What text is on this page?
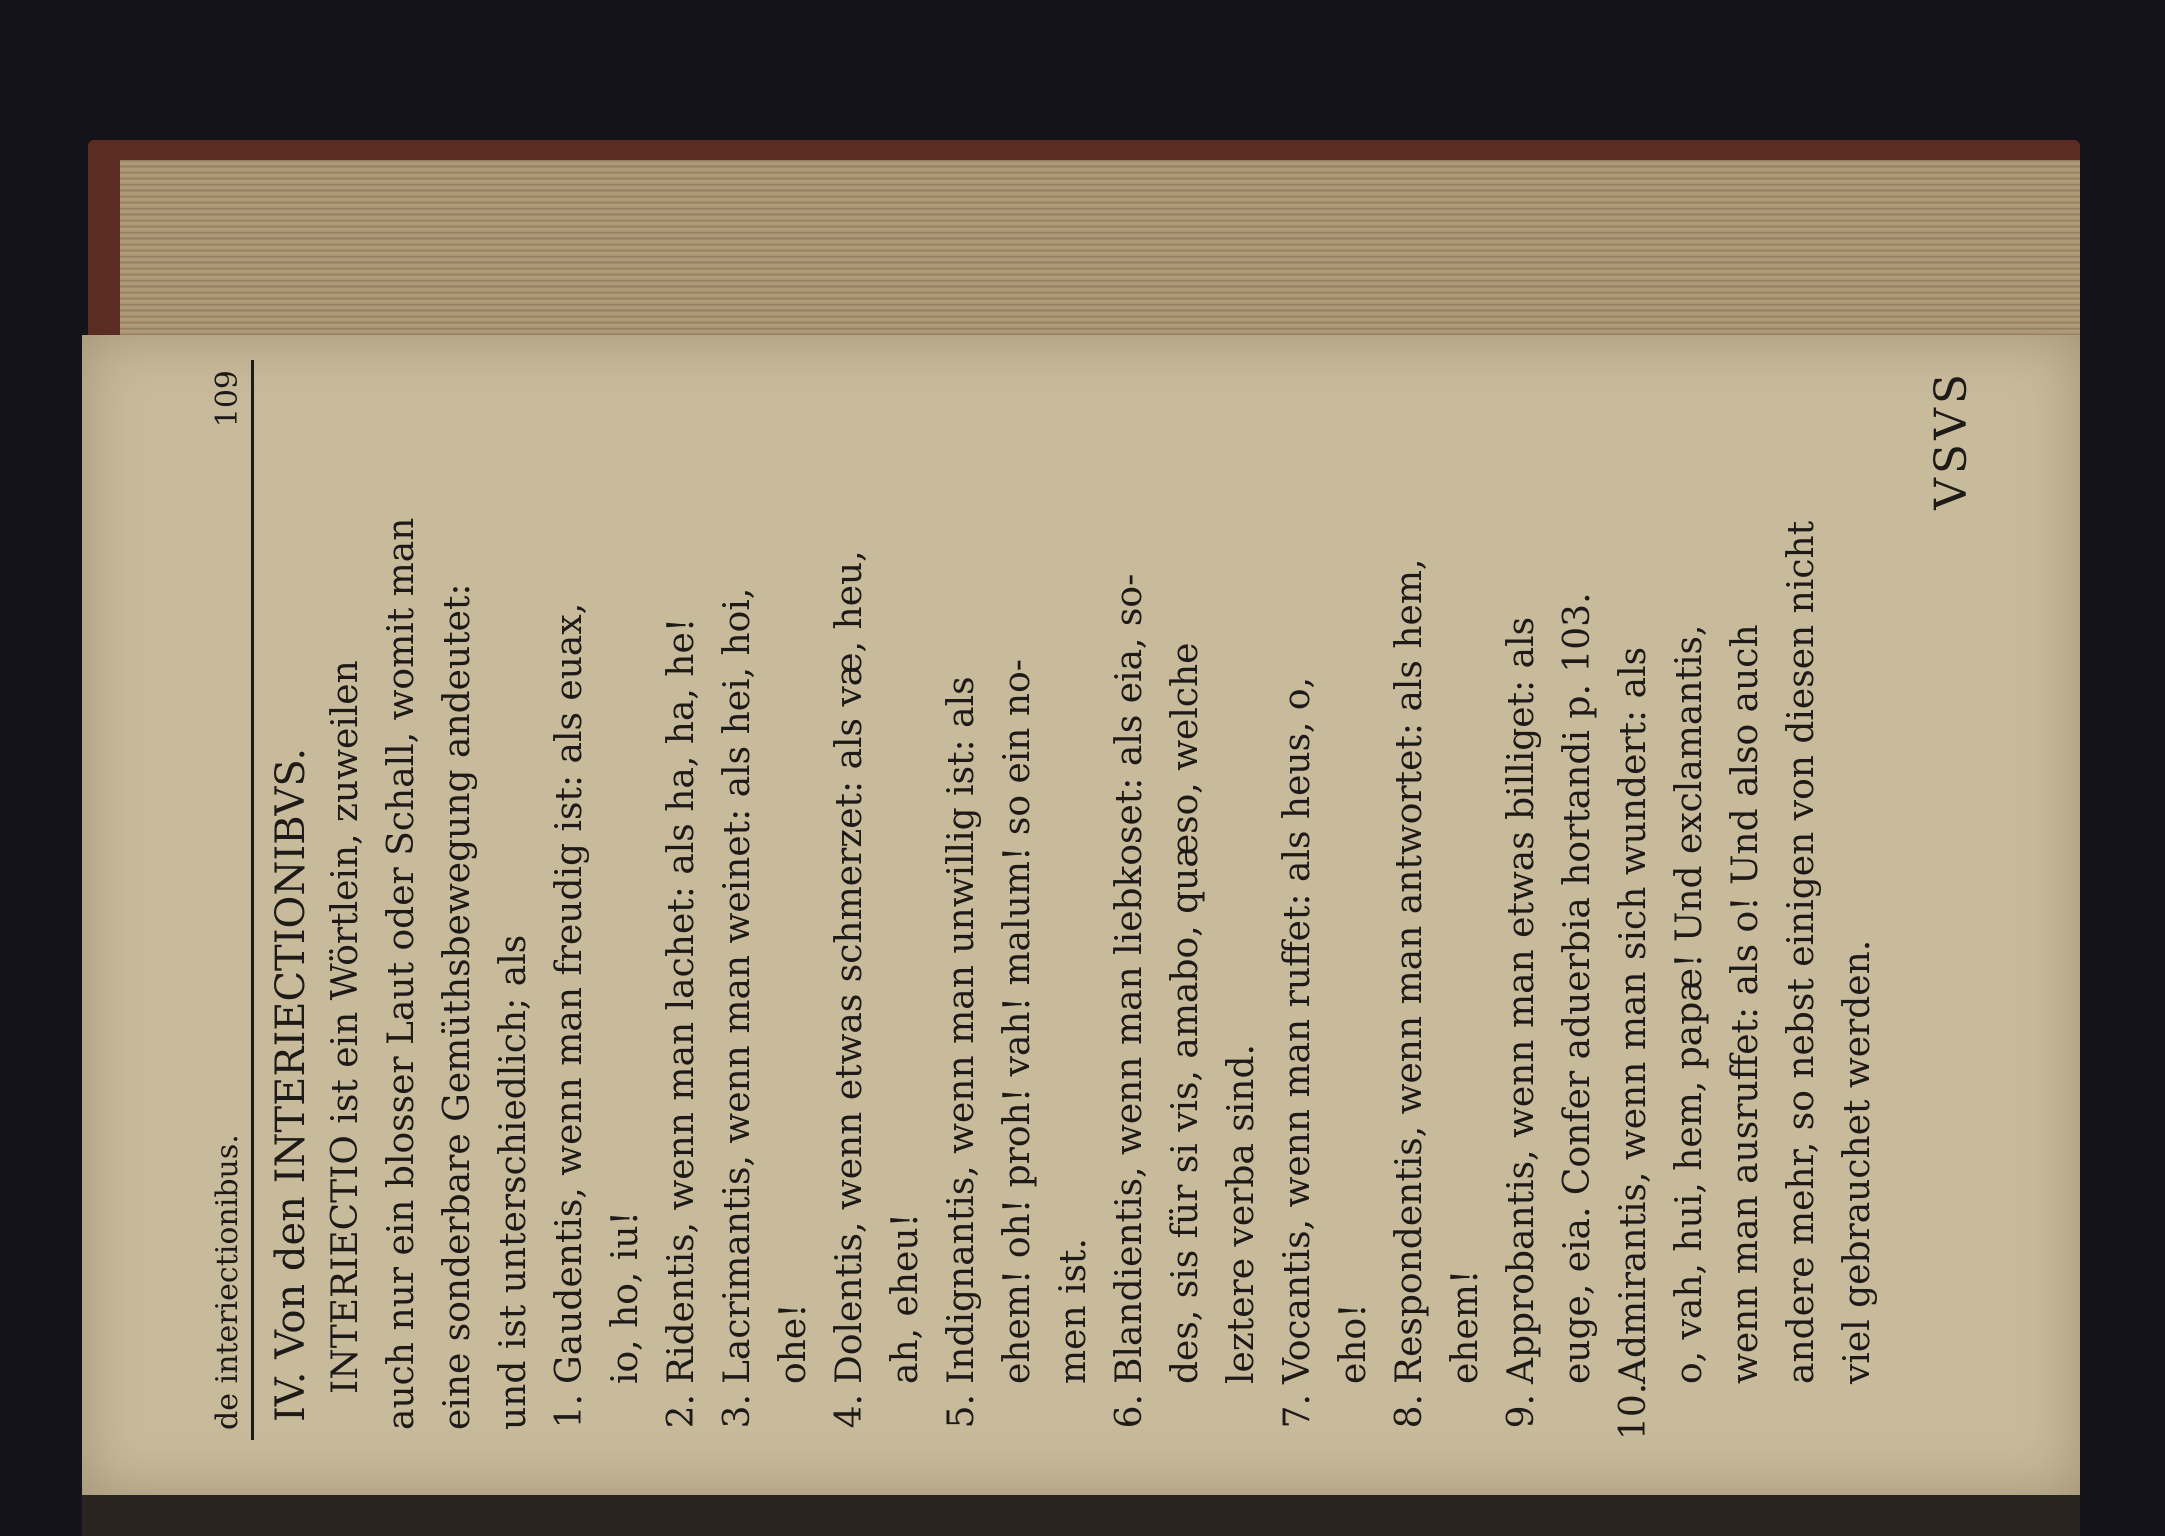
de interiectionibus.
109
IV. Von den INTERIECTIONIBVS. INTERIECTIO ist ein Wörtlein, zuweilen auch nur ein blosser Laut oder Schall, womit man eine sonderbare Gemüthsbewegung andeutet: und ist unterschiedlich; als 1.
Gaudentis, wenn man freudig ist: als euax, io, ho, iu!
2.
Ridentis, wenn man lachet: als ha, ha, he!
3.
Lacrimantis, wenn man weinet: als hei, hoi, ohe!
4.
Dolentis, wenn etwas schmerzet: als væ, heu, ah, eheu!
5.
Indignantis, wenn man unwillig ist: als ehem! oh! proh! vah! malum! so ein no- men ist.
6.
Blandientis, wenn man liebkoset: als eia, so- des, sis für si vis, amabo, quæso, welche leztere verba sind.
7.
Vocantis, wenn man ruffet: als heus, o, eho!
8.
Respondentis, wenn man antwortet: als hem, ehem!
9.
Approbantis, wenn man etwas billiget: als euge, eia. Confer aduerbia hortandi p. 103.
10.
Admirantis, wenn man sich wundert: als o, vah, hui, hem, papæ! Und exclamantis, wenn man ausruffet: als o! Und also auch andere mehr, so nebst einigen von diesen nicht viel gebrauchet werden.
VSVS
